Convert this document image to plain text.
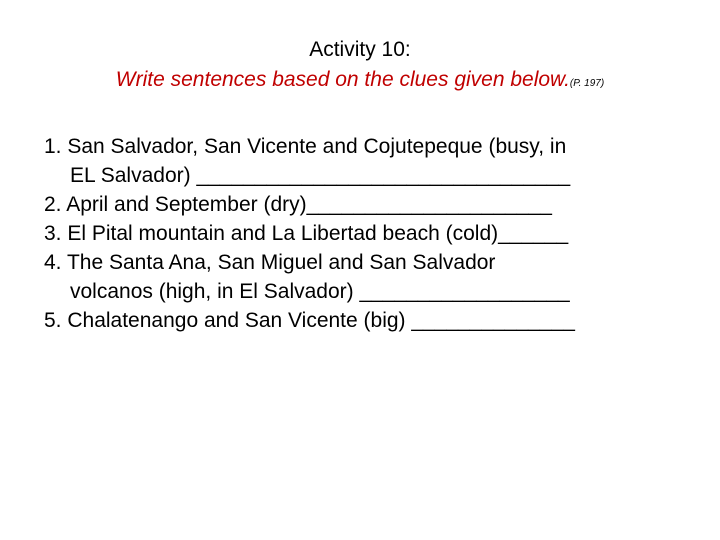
Activity 10:
Write sentences based on the clues given below.(P. 197)
1. San Salvador, San Vicente and Cojutepeque (busy, in
EL Salvador) ________________________________
2. April and September (dry)_____________________
3. El Pital mountain and La Libertad beach (cold)______
4. The Santa Ana, San Miguel and San Salvador
volcanos (high, in El Salvador) __________________
5. Chalatenango and San Vicente (big) ______________
